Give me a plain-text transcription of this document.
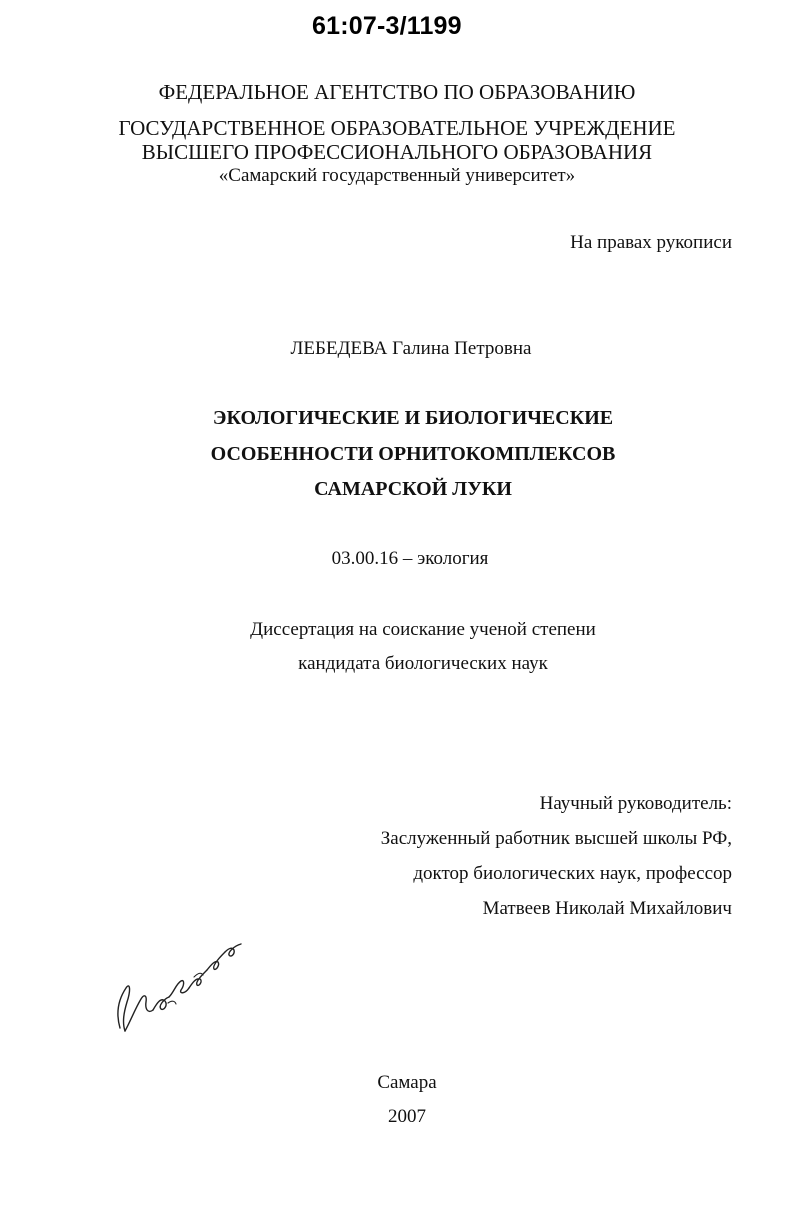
61:07-3/1199
ФЕДЕРАЛЬНОЕ АГЕНТСТВО ПО ОБРАЗОВАНИЮ
ГОСУДАРСТВЕННОЕ ОБРАЗОВАТЕЛЬНОЕ УЧРЕЖДЕНИЕ
ВЫСШЕГО ПРОФЕССИОНАЛЬНОГО ОБРАЗОВАНИЯ
«Самарский государственный университет»
На правах рукописи
ЛЕБЕДЕВА Галина Петровна
ЭКОЛОГИЧЕСКИЕ И БИОЛОГИЧЕСКИЕ
ОСОБЕННОСТИ ОРНИТОКОМПЛЕКСОВ
САМАРСКОЙ ЛУКИ
03.00.16 – экология
Диссертация на соискание ученой степени
кандидата биологических наук
Научный руководитель:
Заслуженный работник высшей школы РФ,
доктор биологических наук, профессор
Матвеев Николай Михайлович
Самара
2007
